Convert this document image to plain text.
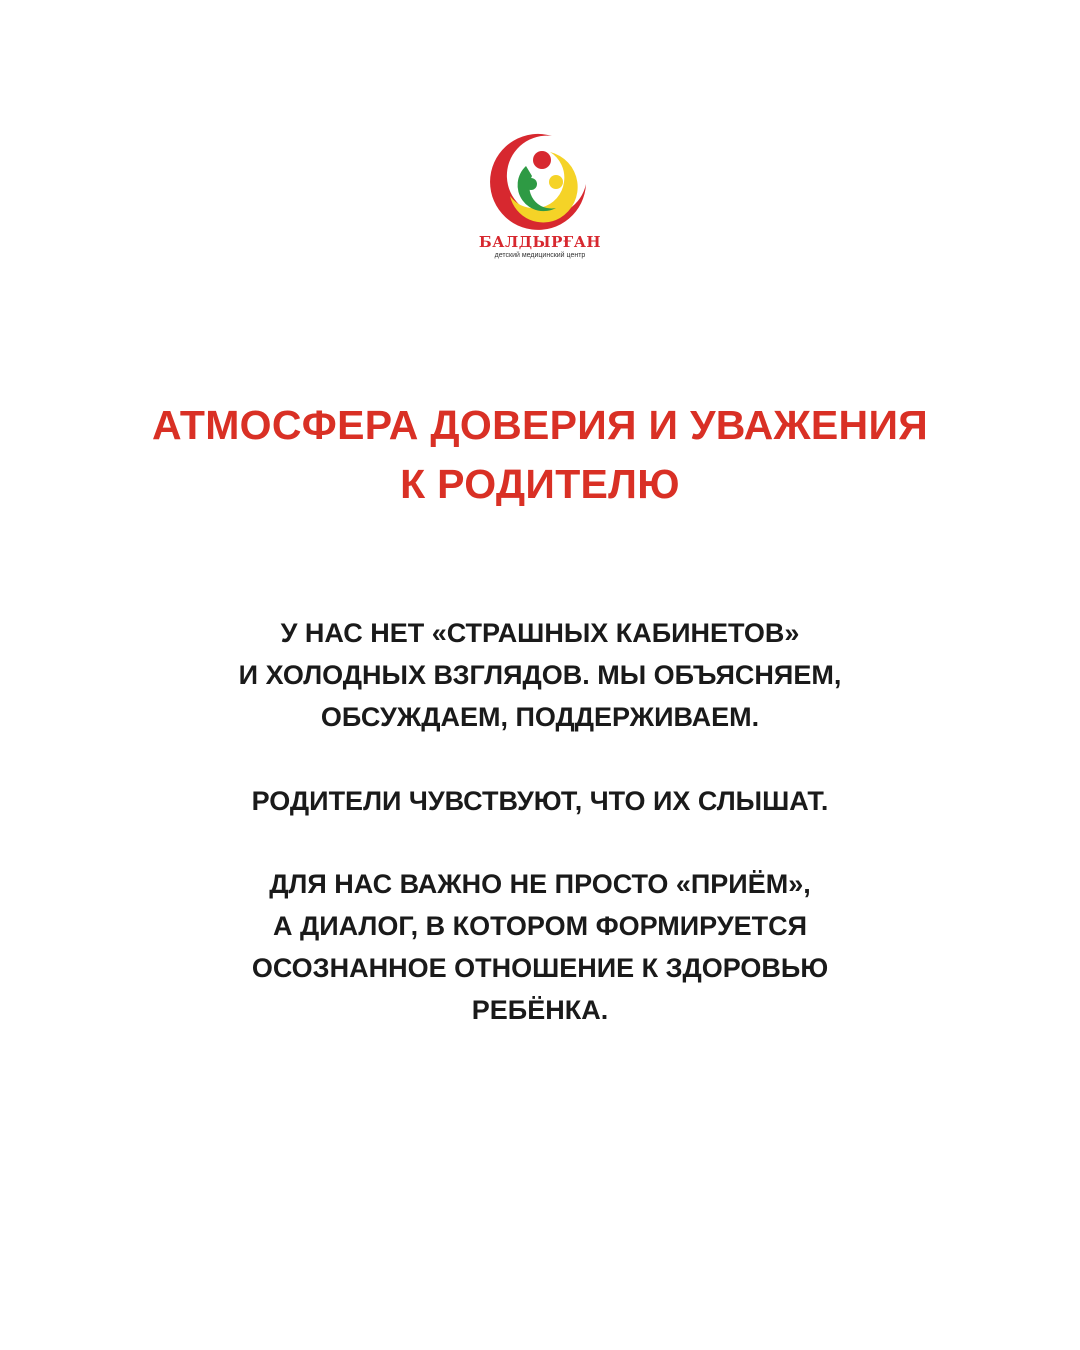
БАЛДЫРҒАН
детский медицинский центр
АТМОСФЕРА ДОВЕРИЯ И УВАЖЕНИЯ
К РОДИТЕЛЮ
У НАС НЕТ «СТРАШНЫХ КАБИНЕТОВ»
И ХОЛОДНЫХ ВЗГЛЯДОВ. МЫ ОБЪЯСНЯЕМ,
ОБСУЖДАЕМ, ПОДДЕРЖИВАЕМ.
РОДИТЕЛИ ЧУВСТВУЮТ, ЧТО ИХ СЛЫШАТ.
ДЛЯ НАС ВАЖНО НЕ ПРОСТО «ПРИЁМ»,
А ДИАЛОГ, В КОТОРОМ ФОРМИРУЕТСЯ
ОСОЗНАННОЕ ОТНОШЕНИЕ К ЗДОРОВЬЮ
РЕБЁНКА.
